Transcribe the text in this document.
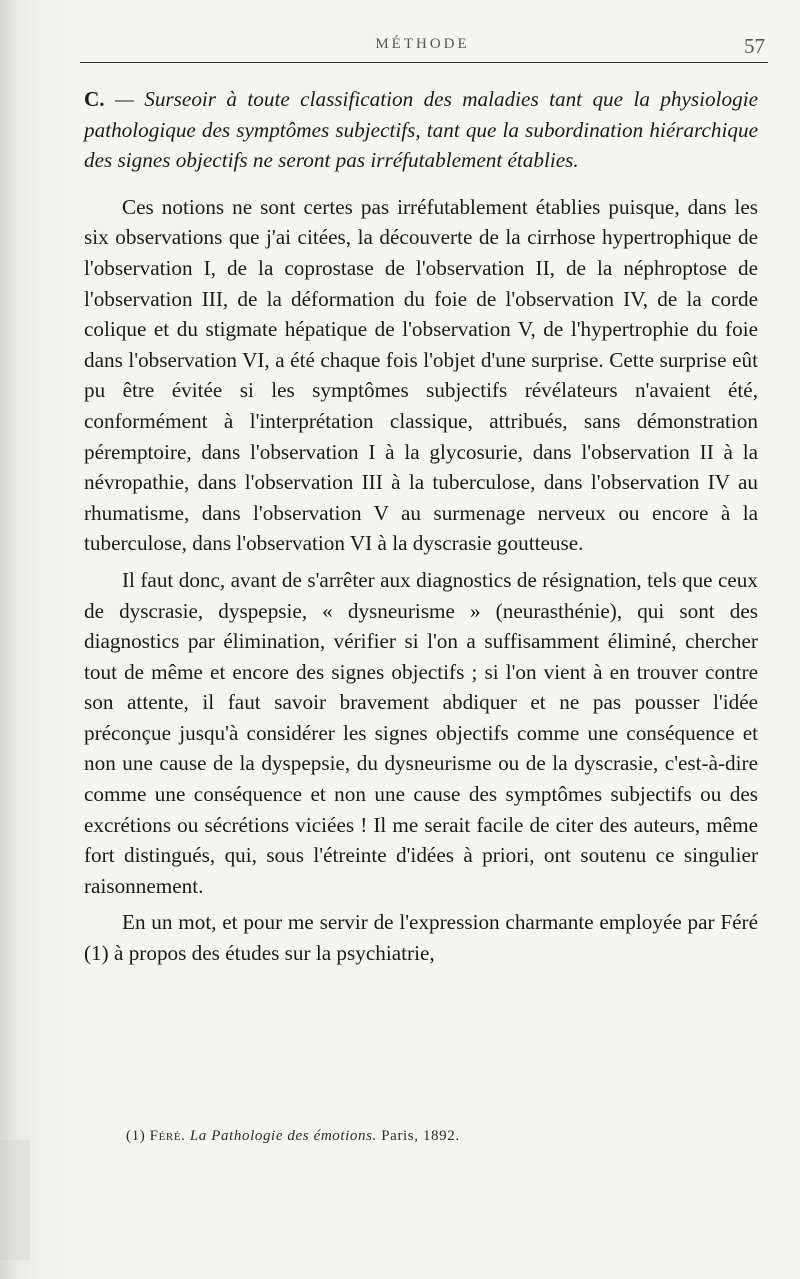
MÉTHODE	57

C. — Surseoir à toute classification des maladies tant que la physiologie pathologique des symptômes subjectifs, tant que la subordination hiérarchique des signes objectifs ne seront pas irréfutablement établies.

Ces notions ne sont certes pas irréfutablement établies puisque, dans les six observations que j'ai citées, la découverte de la cirrhose hypertrophique de l'observation I, de la coprostase de l'observation II, de la néphroptose de l'observation III, de la déformation du foie de l'observation IV, de la corde colique et du stigmate hépatique de l'observation V, de l'hypertrophie du foie dans l'observation VI, a été chaque fois l'objet d'une surprise. Cette surprise eût pu être évitée si les symptômes subjectifs révélateurs n'avaient été, conformément à l'interprétation classique, attribués, sans démonstration péremptoire, dans l'observation I à la glycosurie, dans l'observation II à la névropathie, dans l'observation III à la tuberculose, dans l'observation IV au rhumatisme, dans l'observation V au surmenage nerveux ou encore à la tuberculose, dans l'observation VI à la dyscrasie goutteuse.

Il faut donc, avant de s'arrêter aux diagnostics de résignation, tels que ceux de dyscrasie, dyspepsie, « dysneurisme » (neurasthénie), qui sont des diagnostics par élimination, vérifier si l'on a suffisamment éliminé, chercher tout de même et encore des signes objectifs ; si l'on vient à en trouver contre son attente, il faut savoir bravement abdiquer et ne pas pousser l'idée préconçue jusqu'à considérer les signes objectifs comme une conséquence et non une cause de la dyspepsie, du dysneurisme ou de la dyscrasie, c'est-à-dire comme une conséquence et non une cause des symptômes subjectifs ou des excrétions ou sécrétions viciées ! Il me serait facile de citer des auteurs, même fort distingués, qui, sous l'étreinte d'idées à priori, ont soutenu ce singulier raisonnement.

En un mot, et pour me servir de l'expression charmante employée par Féré (1) à propos des études sur la psychiatrie,

(1) Féré. La Pathologie des émotions. Paris, 1892.
